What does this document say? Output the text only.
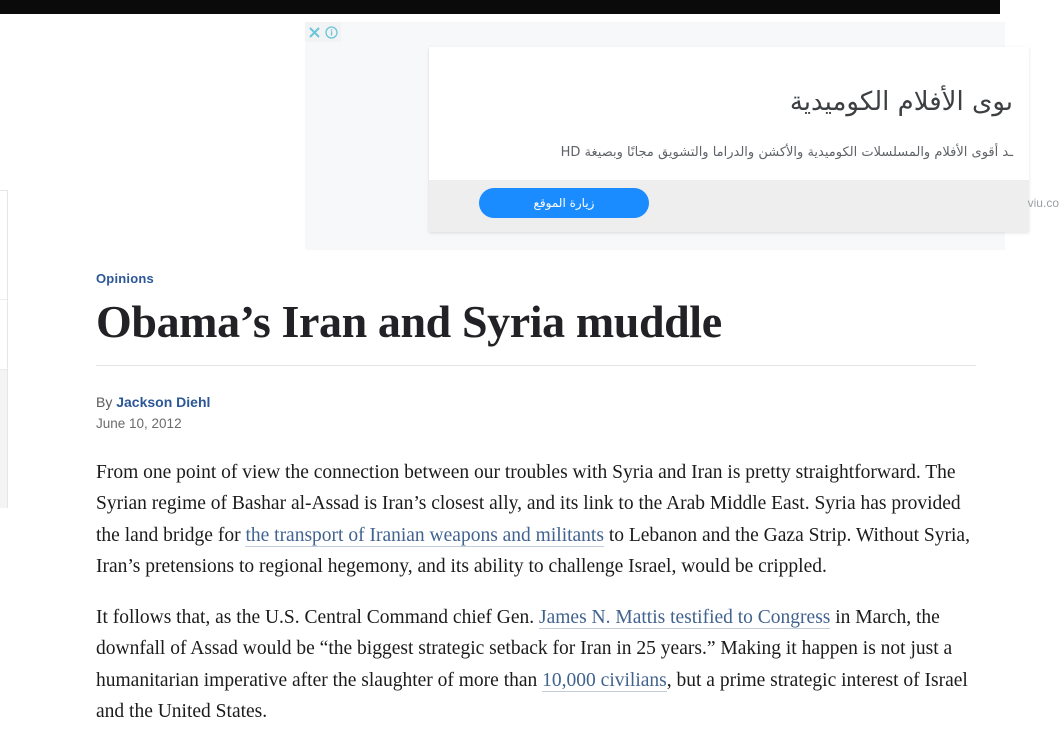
ىوى الأفلام الكوميدية
ـد أقوى الأفلام والمسلسلات الكوميدية والأكشن والدراما والتشويق مجانًا وبصيغة HD
زيارة الموقع	viu.co
Opinions
Obama’s Iran and Syria muddle
By Jackson Diehl
June 10, 2012

From one point of view the connection between our troubles with Syria and Iran is pretty straightforward. The Syrian regime of Bashar al-Assad is Iran’s closest ally, and its link to the Arab Middle East. Syria has provided the land bridge for the transport of Iranian weapons and militants to Lebanon and the Gaza Strip. Without Syria, Iran’s pretensions to regional hegemony, and its ability to challenge Israel, would be crippled.

It follows that, as the U.S. Central Command chief Gen. James N. Mattis testified to Congress in March, the downfall of Assad would be “the biggest strategic setback for Iran in 25 years.” Making it happen is not just a humanitarian imperative after the slaughter of more than 10,000 civilians, but a prime strategic interest of Israel and the United States.
